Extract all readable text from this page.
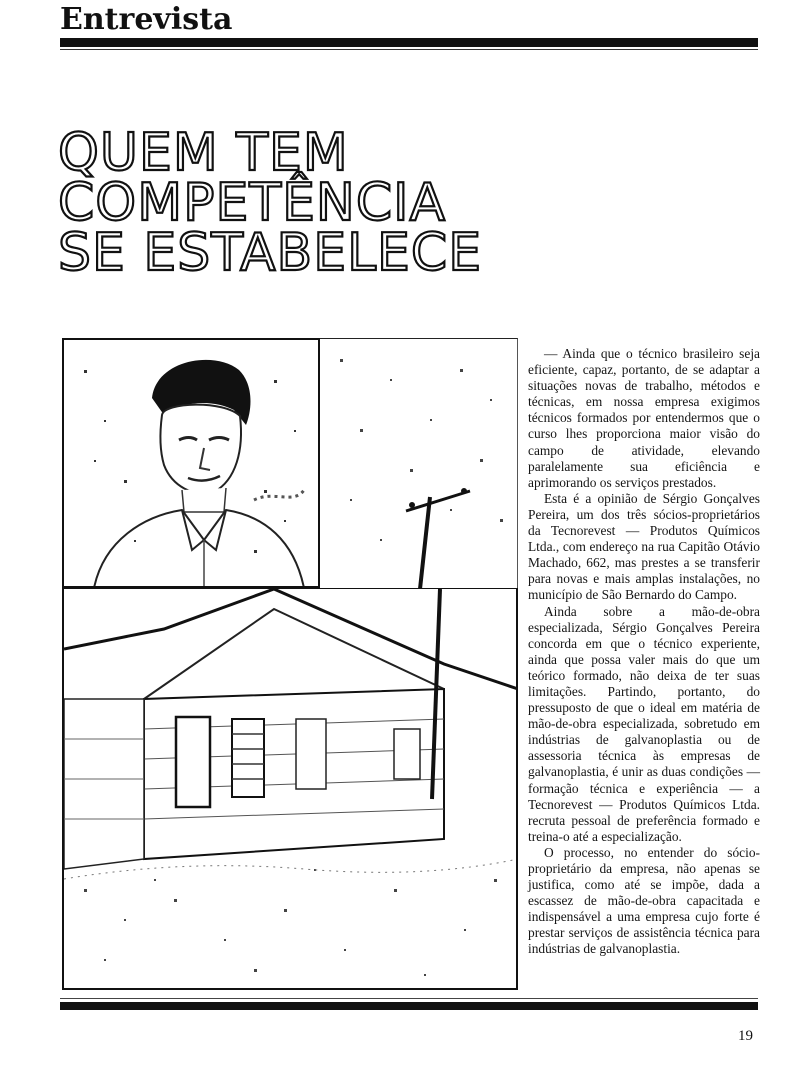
Entrevista
QUEM TEM
COMPETÊNCIA
SE ESTABELECE

— Ainda que o técnico brasileiro seja eficiente, capaz, portanto, de se adaptar a situações novas de trabalho, métodos e técnicas, em nossa empresa exigimos técnicos formados por entendermos que o curso lhes proporciona maior visão do campo de atividade, elevando paralelamente sua eficiência e aprimorando os serviços prestados.

Esta é a opinião de Sérgio Gonçalves Pereira, um dos três sócios-proprietários da Tecnorevest — Produtos Químicos Ltda., com endereço na rua Capitão Otávio Machado, 662, mas prestes a se transferir para novas e mais amplas instalações, no município de São Bernardo do Campo.

Ainda sobre a mão-de-obra especializada, Sérgio Gonçalves Pereira concorda em que o técnico experiente, ainda que possa valer mais do que um teórico formado, não deixa de ter suas limitações. Partindo, portanto, do pressuposto de que o ideal em matéria de mão-de-obra especializada, sobretudo em indústrias de galvanoplastia ou de assessoria técnica às empresas de galvanoplastia, é unir as duas condições — formação técnica e experiência — a Tecnorevest — Produtos Químicos Ltda. recruta pessoal de preferência formado e treina-o até a especialização.

O processo, no entender do sócio-proprietário da empresa, não apenas se justifica, como até se impõe, dada a escassez de mão-de-obra capacitada e indispensável a uma empresa cujo forte é prestar serviços de assistência técnica para indústrias de galvanoplastia.

19
